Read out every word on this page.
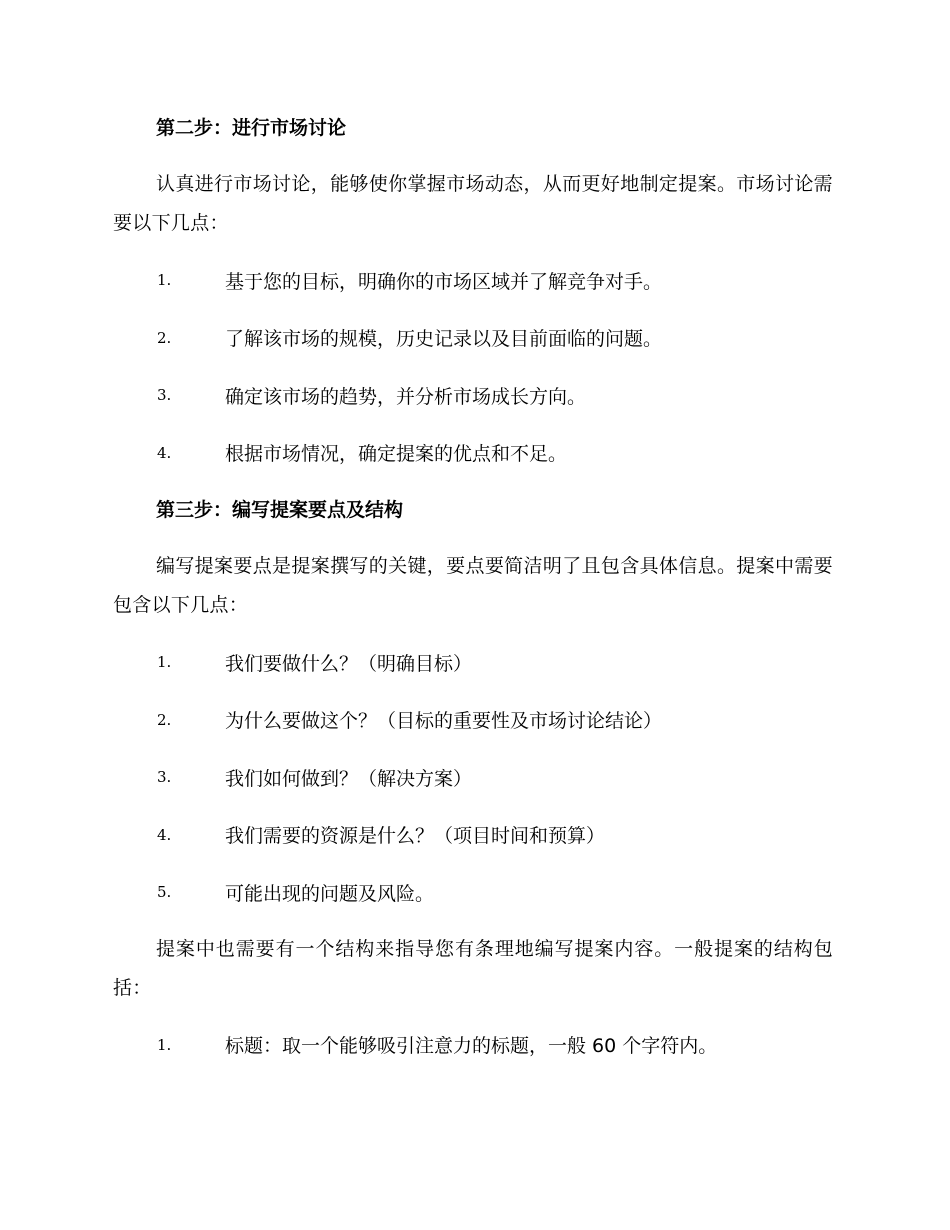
第二步：进行市场讨论

认真进行市场讨论，能够使你掌握市场动态，从而更好地制定提案。市场讨论需要以下几点：

1.	基于您的目标，明确你的市场区域并了解竞争对手。
2.	了解该市场的规模，历史记录以及目前面临的问题。
3.	确定该市场的趋势，并分析市场成长方向。
4.	根据市场情况，确定提案的优点和不足。
第三步：编写提案要点及结构

编写提案要点是提案撰写的关键，要点要简洁明了且包含具体信息。提案中需要包含以下几点：

1.	我们要做什么？（明确目标）
2.	为什么要做这个？（目标的重要性及市场讨论结论）
3.	我们如何做到？（解决方案）
4.	我们需要的资源是什么？（项目时间和预算）
5.	可能出现的问题及风险。

提案中也需要有一个结构来指导您有条理地编写提案内容。一般提案的结构包括：

1.	标题：取一个能够吸引注意力的标题，一般 60 个字符内。
